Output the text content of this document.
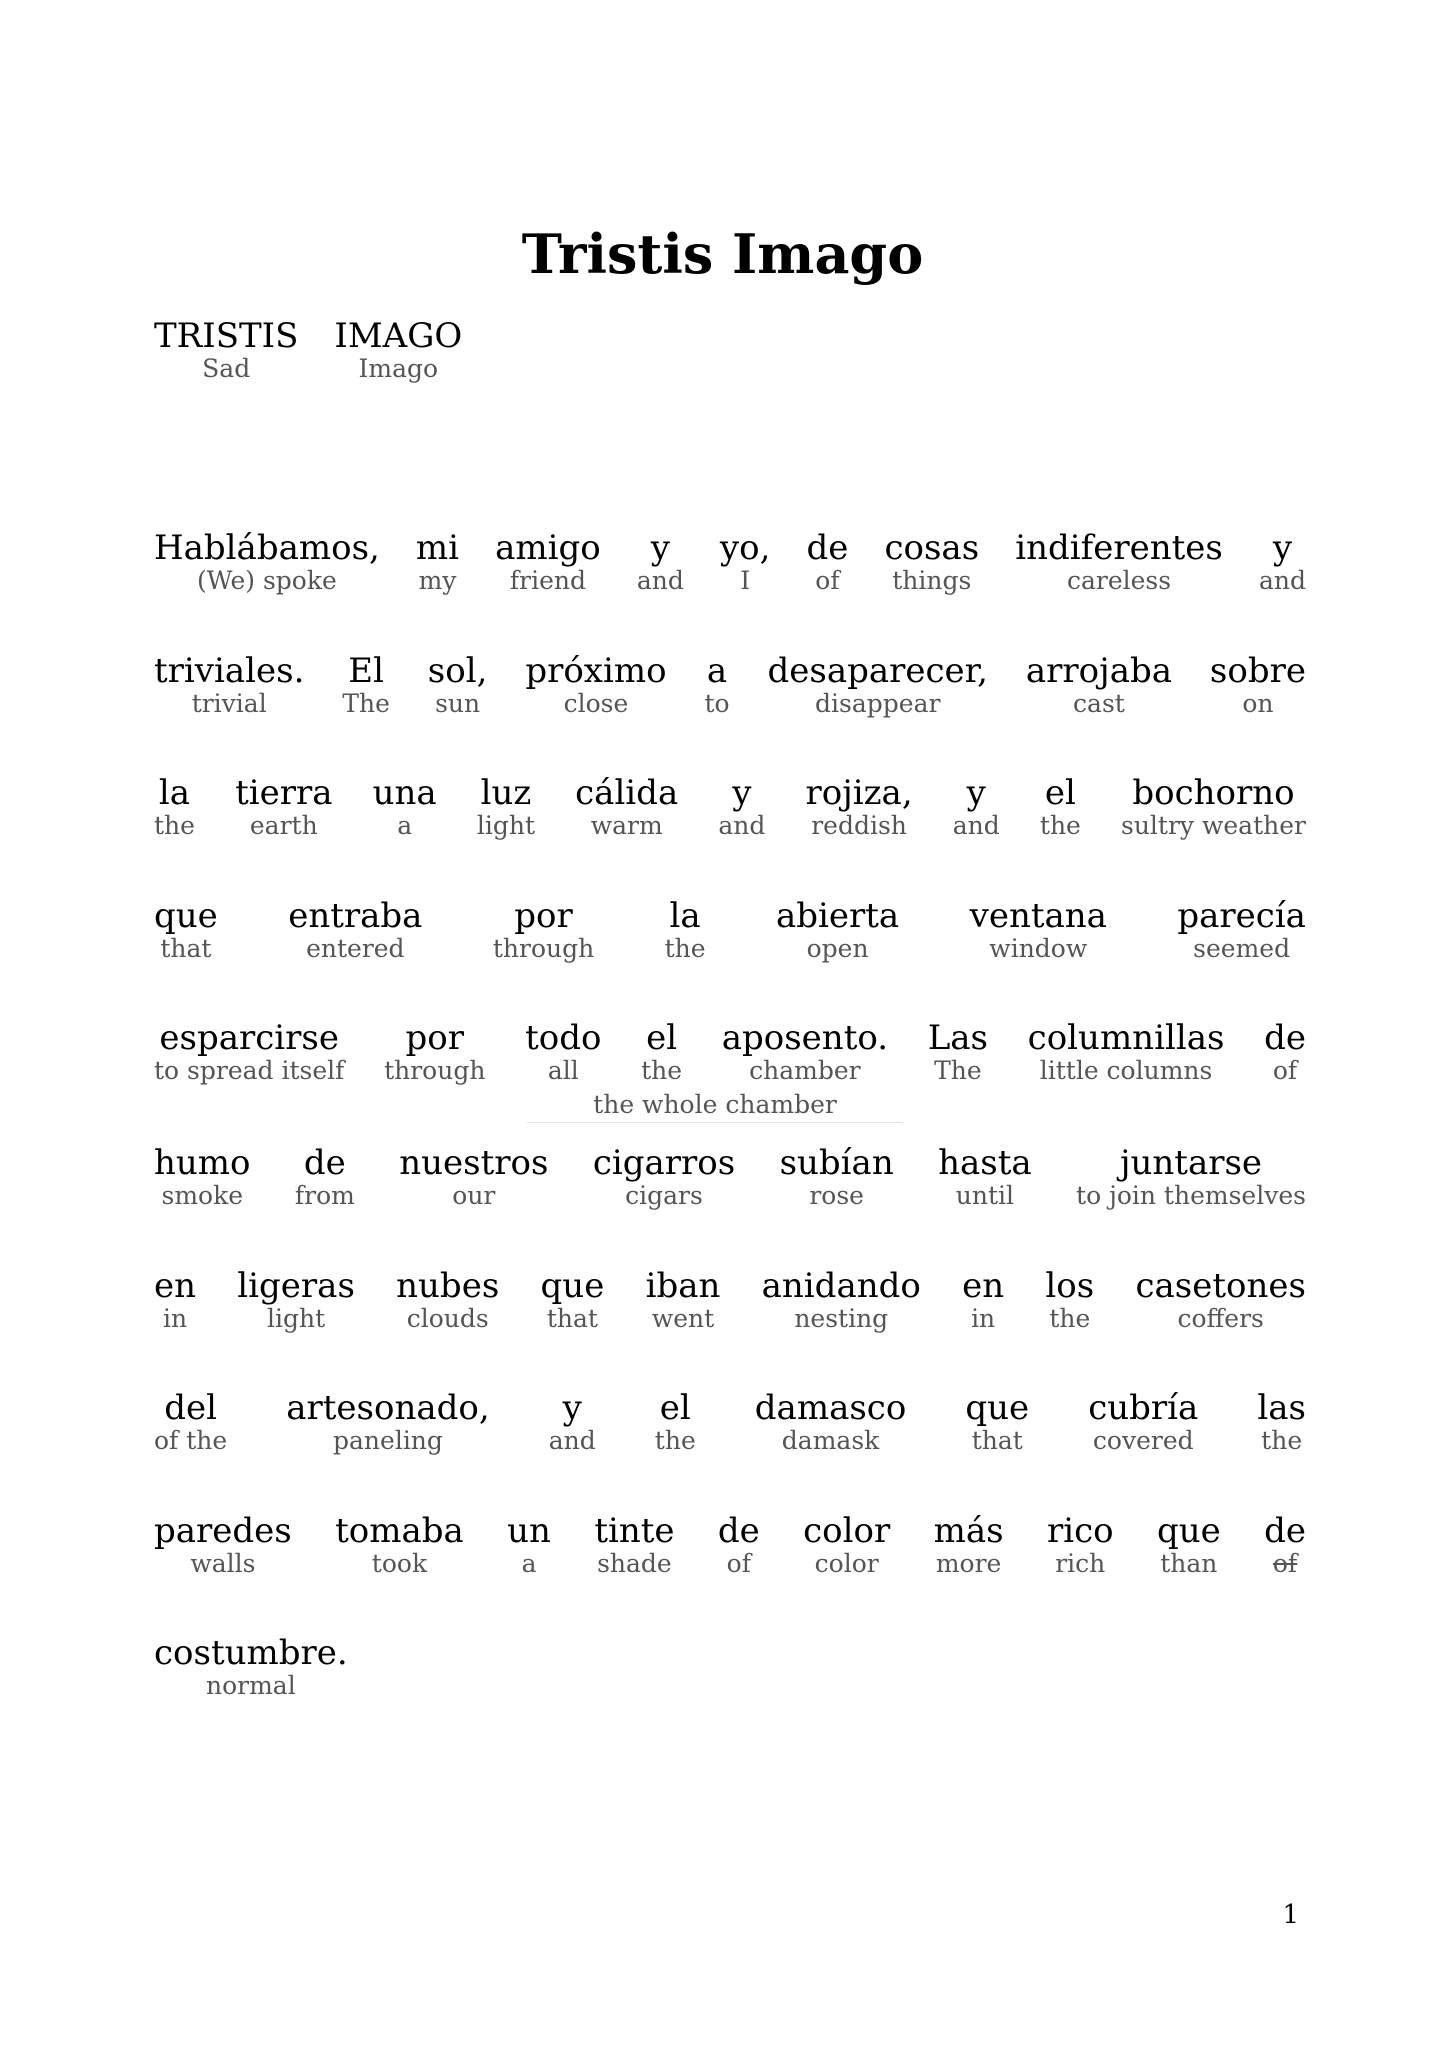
Tristis Imago
TRISTIS
Sad
IMAGO
Imago
Hablábamos,
(We) spoke
mi
my
amigo
friend
y
and
yo,
I
de
of
cosas
things
indiferentes
careless
y
and
triviales.
trivial
El
The
sol,
sun
próximo
close
a
to
desaparecer,
disappear
arrojaba
cast
sobre
on
la
the
tierra
earth
una
a
luz
light
cálida
warm
y
and
rojiza,
reddish
y
and
el
the
bochorno
sultry weather
que
that
entraba
entered
por
through
la
the
abierta
open
ventana
window
parecía
seemed
esparcirse
to spread itself
por
through
todo
all
el
the
aposento.
chamber
Las
The
columnillas
little columns
de
of
humo
smoke
de
from
nuestros
our
cigarros
cigars
subían
rose
hasta
until
juntarse
to join themselves
en
in
ligeras
light
nubes
clouds
que
that
iban
went
anidando
nesting
en
in
los
the
casetones
coffers
del
of the
artesonado,
paneling
y
and
el
the
damasco
damask
que
that
cubría
covered
las
the
paredes
walls
tomaba
took
un
a
tinte
shade
de
of
color
color
más
more
rico
rich
que
than
de
of
costumbre.
normal
the whole chamber
1
